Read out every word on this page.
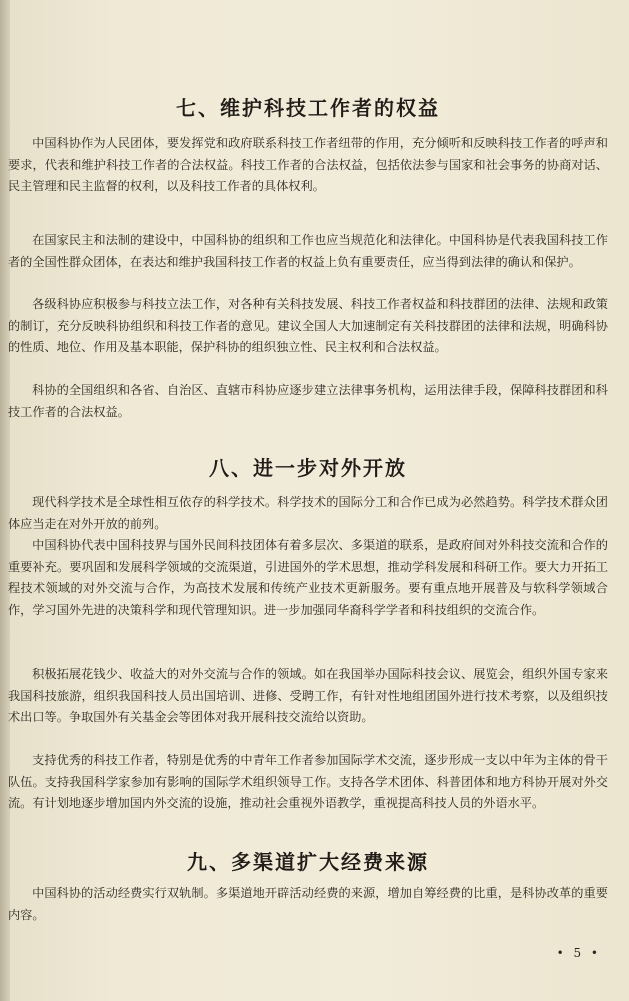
七、维护科技工作者的权益
中国科协作为人民团体，要发挥党和政府联系科技工作者纽带的作用，充分倾听和反映科技工作者的呼声和要求，代表和维护科技工作者的合法权益。科技工作者的合法权益，包括依法参与国家和社会事务的协商对话、民主管理和民主监督的权利，以及科技工作者的具体权利。
在国家民主和法制的建设中，中国科协的组织和工作也应当规范化和法律化。中国科协是代表我国科技工作者的全国性群众团体，在表达和维护我国科技工作者的权益上负有重要责任，应当得到法律的确认和保护。
各级科协应积极参与科技立法工作，对各种有关科技发展、科技工作者权益和科技群团的法律、法规和政策的制订，充分反映科协组织和科技工作者的意见。建议全国人大加速制定有关科技群团的法律和法规，明确科协的性质、地位、作用及基本职能，保护科协的组织独立性、民主权利和合法权益。
科协的全国组织和各省、自治区、直辖市科协应逐步建立法律事务机构，运用法律手段，保障科技群团和科技工作者的合法权益。
八、进一步对外开放
现代科学技术是全球性相互依存的科学技术。科学技术的国际分工和合作已成为必然趋势。科学技术群众团体应当走在对外开放的前列。
中国科协代表中国科技界与国外民间科技团体有着多层次、多渠道的联系，是政府间对外科技交流和合作的重要补充。要巩固和发展科学领域的交流渠道，引进国外的学术思想，推动学科发展和科研工作。要大力开拓工程技术领域的对外交流与合作，为高技术发展和传统产业技术更新服务。要有重点地开展普及与软科学领域合作，学习国外先进的决策科学和现代管理知识。进一步加强同华裔科学学者和科技组织的交流合作。
积极拓展花钱少、收益大的对外交流与合作的领域。如在我国举办国际科技会议、展览会，组织外国专家来我国科技旅游，组织我国科技人员出国培训、进修、受聘工作，有针对性地组团国外进行技术考察，以及组织技术出口等。争取国外有关基金会等团体对我开展科技交流给以资助。
支持优秀的科技工作者，特别是优秀的中青年工作者参加国际学术交流，逐步形成一支以中年为主体的骨干队伍。支持我国科学家参加有影响的国际学术组织领导工作。支持各学术团体、科普团体和地方科协开展对外交流。有计划地逐步增加国内外交流的设施，推动社会重视外语教学，重视提高科技人员的外语水平。
九、多渠道扩大经费来源
中国科协的活动经费实行双轨制。多渠道地开辟活动经费的来源，增加自筹经费的比重，是科协改革的重要内容。
• 5 •
